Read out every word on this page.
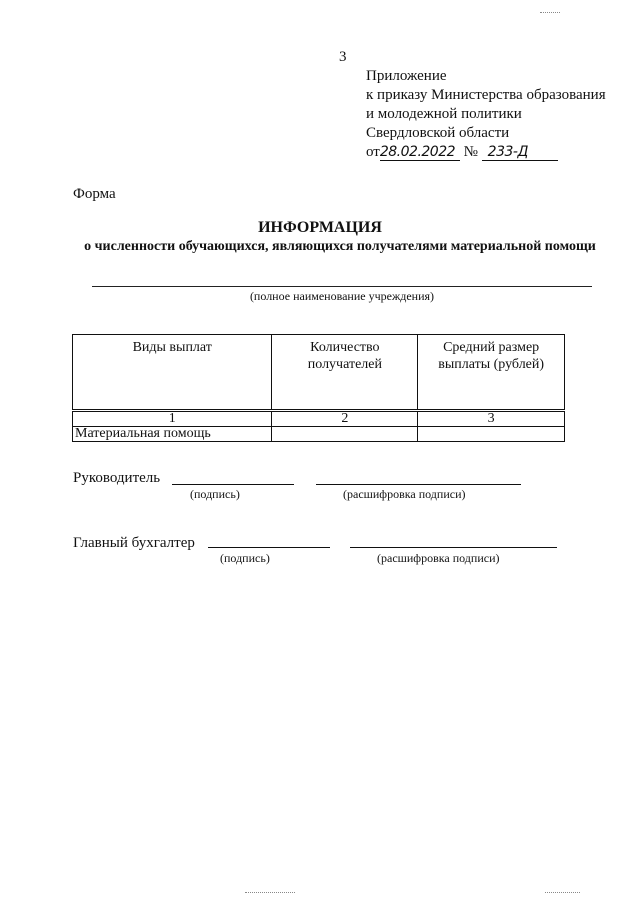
3
Приложение
к приказу Министерства образования
и молодежной политики
Свердловской области
от28.02.2022 № 233-Д
Форма
ИНФОРМАЦИЯ
о численности обучающихся, являющихся получателями материальной помощи
(полное наименование учреждения)
Виды выплат	Количество получателей	Средний размер выплаты (рублей)
1	2	3
Материальная помощь		
Руководитель
(подпись)	(расшифровка подписи)
Главный бухгалтер
(подпись)	(расшифровка подписи)
